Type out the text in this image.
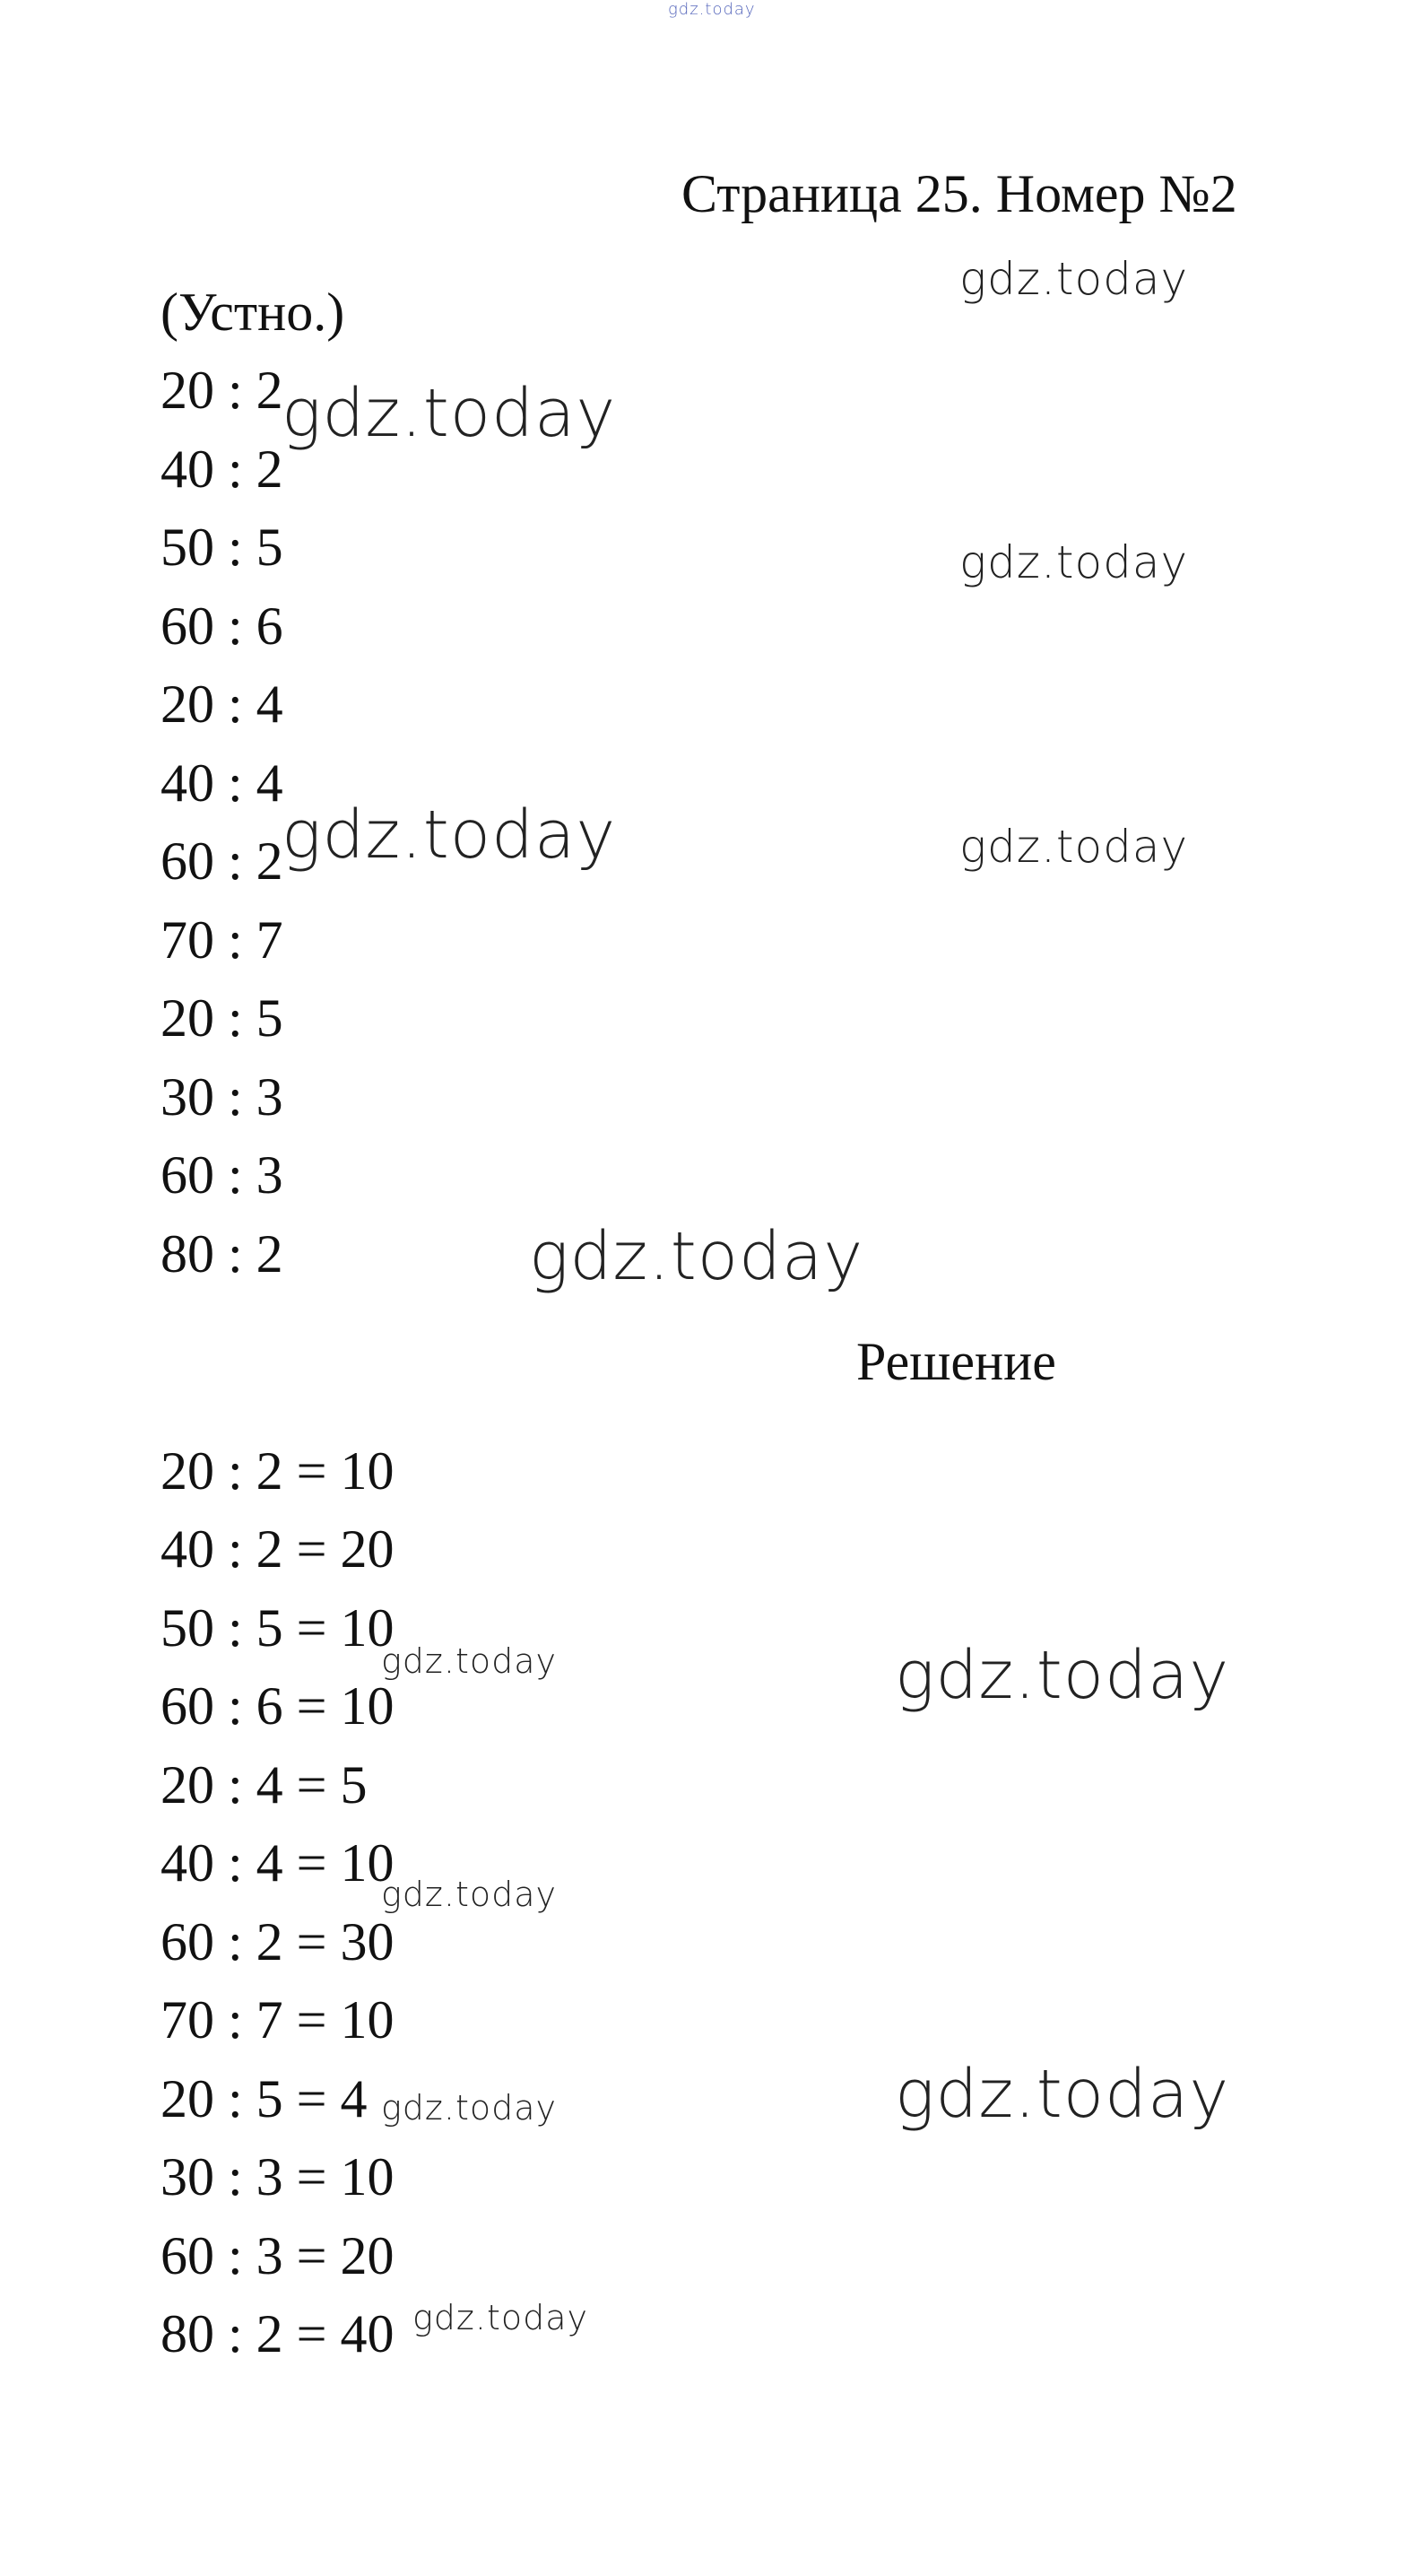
gdz.today
Страница 25. Номер №2
(Устно.)
20 : 2
40 : 2
50 : 5
60 : 6
20 : 4
40 : 4
60 : 2
70 : 7
20 : 5
30 : 3
60 : 3
80 : 2
Решение
20 : 2 = 10
40 : 2 = 20
50 : 5 = 10
60 : 6 = 10
20 : 4 = 5
40 : 4 = 10
60 : 2 = 30
70 : 7 = 10
20 : 5 = 4
30 : 3 = 10
60 : 3 = 20
80 : 2 = 40
gdz.today
gdz.today
gdz.today
gdz.today	gdz.today
gdz.today
gdz.today	gdz.today
gdz.today
gdz.today	gdz.today
gdz.today
